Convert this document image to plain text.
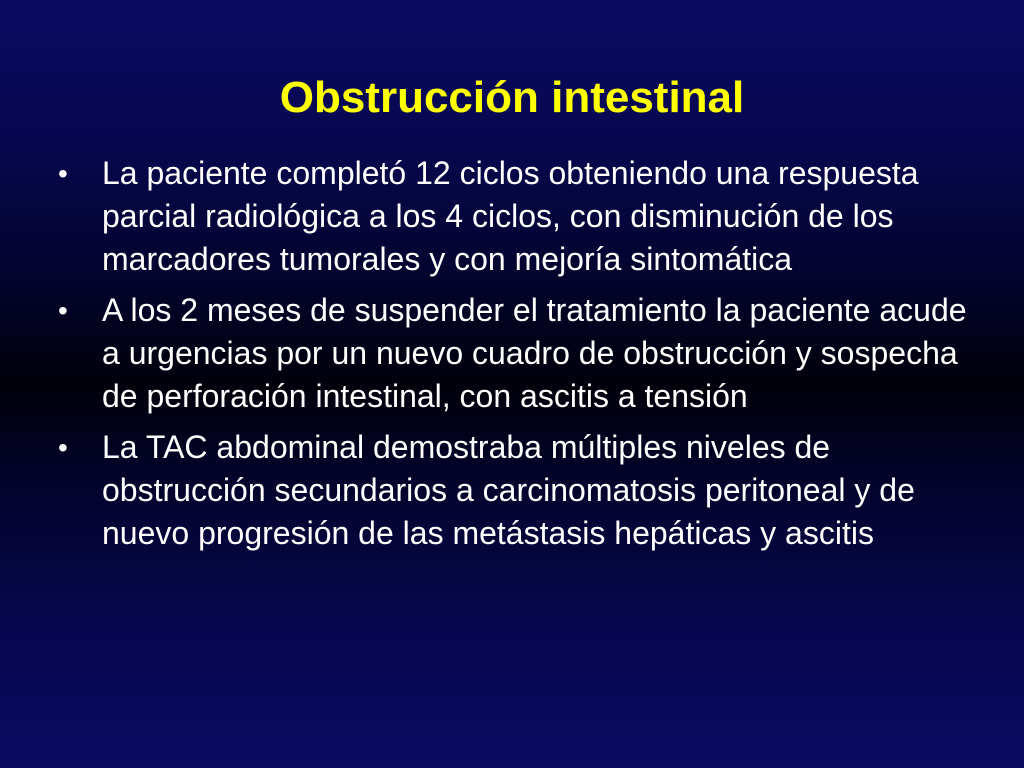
Obstrucción intestinal
•	La paciente completó 12 ciclos obteniendo una respuesta parcial radiológica a los 4 ciclos, con disminución de los marcadores tumorales y con mejoría sintomática
•	A los 2 meses de suspender el tratamiento la paciente acude a urgencias por un nuevo cuadro de obstrucción y sospecha de perforación intestinal, con ascitis a tensión
•	La TAC abdominal demostraba múltiples niveles de obstrucción secundarios a carcinomatosis peritoneal y de nuevo progresión de las metástasis hepáticas y ascitis
